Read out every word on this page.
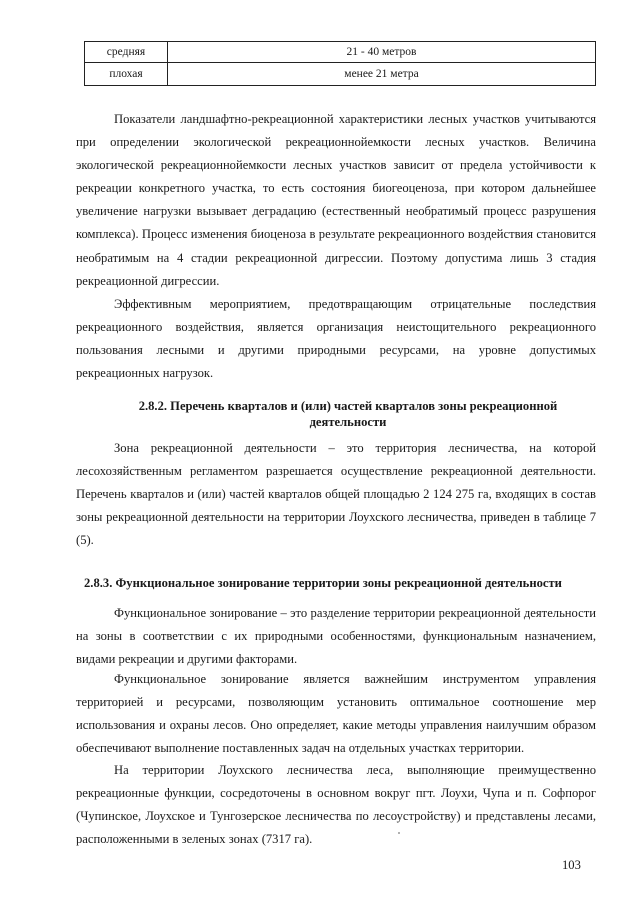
средняя	21 - 40 метров
плохая	менее 21 метра

Показатели ландшафтно-рекреационной характеристики лесных участков учитываются при определении экологической рекреационнойемкости лесных участков. Величина экологической рекреационнойемкости лесных участков зависит от предела устойчивости к рекреации конкретного участка, то есть состояния биогеоценоза, при котором дальнейшее увеличение нагрузки вызывает деградацию (естественный необратимый процесс разрушения комплекса). Процесс изменения биоценоза в результате рекреационного воздействия становится необратимым на 4 стадии рекреационной дигрессии. Поэтому допустима лишь 3 стадия рекреационной дигрессии.

Эффективным мероприятием, предотвращающим отрицательные последствия рекреационного воздействия, является организация неистощительного рекреационного пользования лесными и другими природными ресурсами, на уровне допустимых рекреационных нагрузок.

2.8.2. Перечень кварталов и (или) частей кварталов зоны рекреационной деятельности

Зона рекреационной деятельности – это территория лесничества, на которой лесохозяйственным регламентом разрешается осуществление рекреационной деятельности. Перечень кварталов и (или) частей кварталов общей площадью 2 124 275 га, входящих в состав зоны рекреационной деятельности на территории Лоухского лесничества, приведен в таблице 7 (5).

2.8.3. Функциональное зонирование территории зоны рекреационной деятельности

Функциональное зонирование – это разделение территории рекреационной деятельности на зоны в соответствии с их природными особенностями, функциональным назначением, видами рекреации и другими факторами.

Функциональное зонирование является важнейшим инструментом управления территорией и ресурсами, позволяющим установить оптимальное соотношение мер использования и охраны лесов. Оно определяет, какие методы управления наилучшим образом обеспечивают выполнение поставленных задач на отдельных участках территории.

На территории Лоухского лесничества леса, выполняющие преимущественно рекреационные функции, сосредоточены в основном вокруг пгт. Лоухи, Чупа и п. Софпорог (Чупинское, Лоухское и Тунгозерское лесничества по лесоустройству) и представлены лесами, расположенными в зеленых зонах (7317 га).

103
